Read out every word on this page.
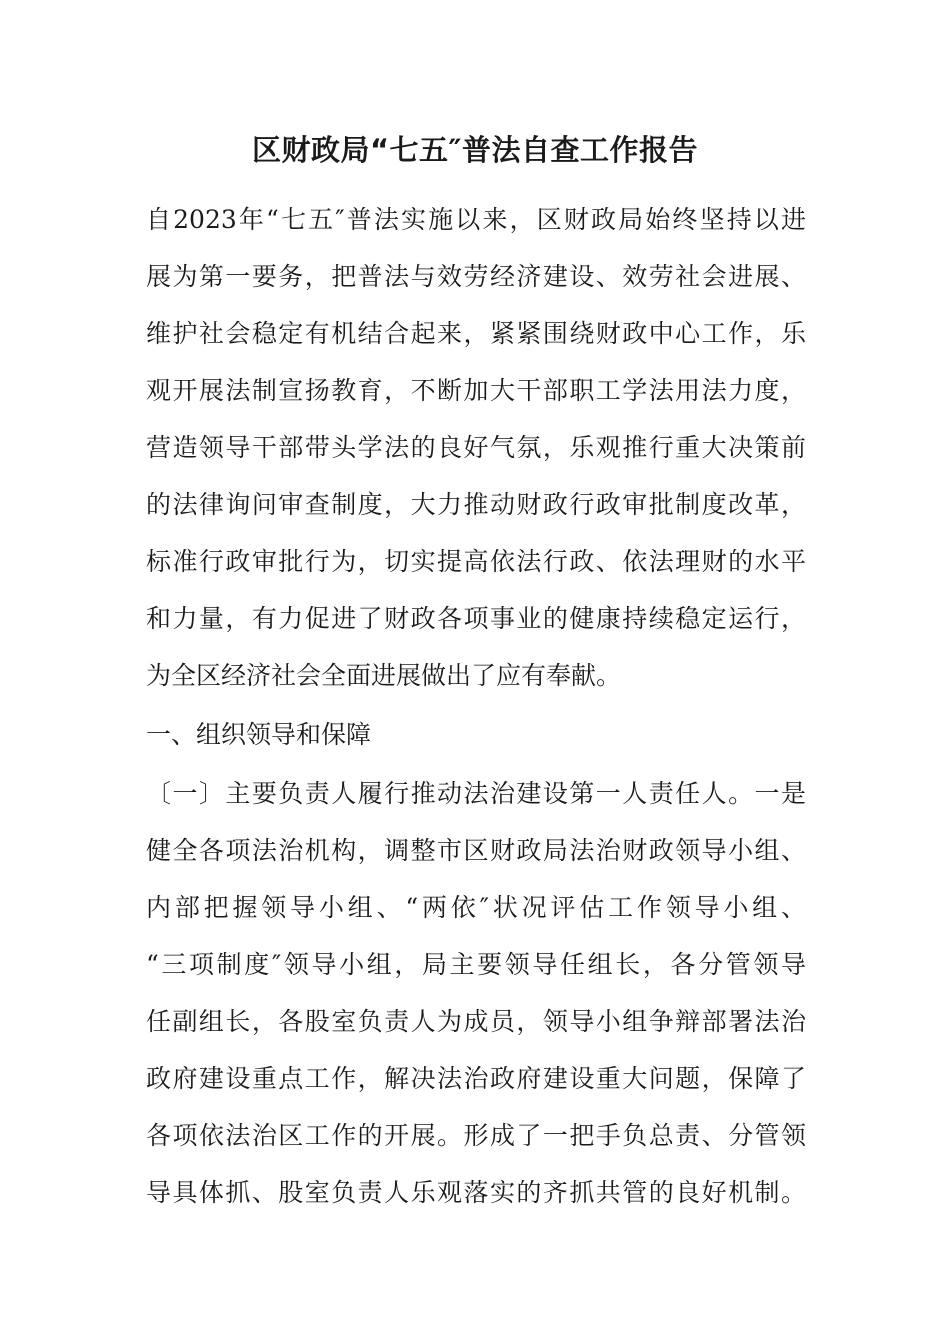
区财政局“七五″普法自查工作报告

自2023年“七五″普法实施以来，区财政局始终坚持以进

展为第一要务，把普法与效劳经济建设、效劳社会进展、

维护社会稳定有机结合起来，紧紧围绕财政中心工作，乐

观开展法制宣扬教育，不断加大干部职工学法用法力度，

营造领导干部带头学法的良好气氛，乐观推行重大决策前

的法律询问审查制度，大力推动财政行政审批制度改革，

标准行政审批行为，切实提高依法行政、依法理财的水平

和力量，有力促进了财政各项事业的健康持续稳定运行，

为全区经济社会全面进展做出了应有奉献。

一、组织领导和保障

〔一〕主要负责人履行推动法治建设第一人责任人。一是

健全各项法治机构，调整市区财政局法治财政领导小组、

内部把握领导小组、“两依″状况评估工作领导小组、

“三项制度″领导小组，局主要领导任组长，各分管领导

任副组长，各股室负责人为成员，领导小组争辩部署法治

政府建设重点工作，解决法治政府建设重大问题，保障了

各项依法治区工作的开展。形成了一把手负总责、分管领

导具体抓、股室负责人乐观落实的齐抓共管的良好机制。
